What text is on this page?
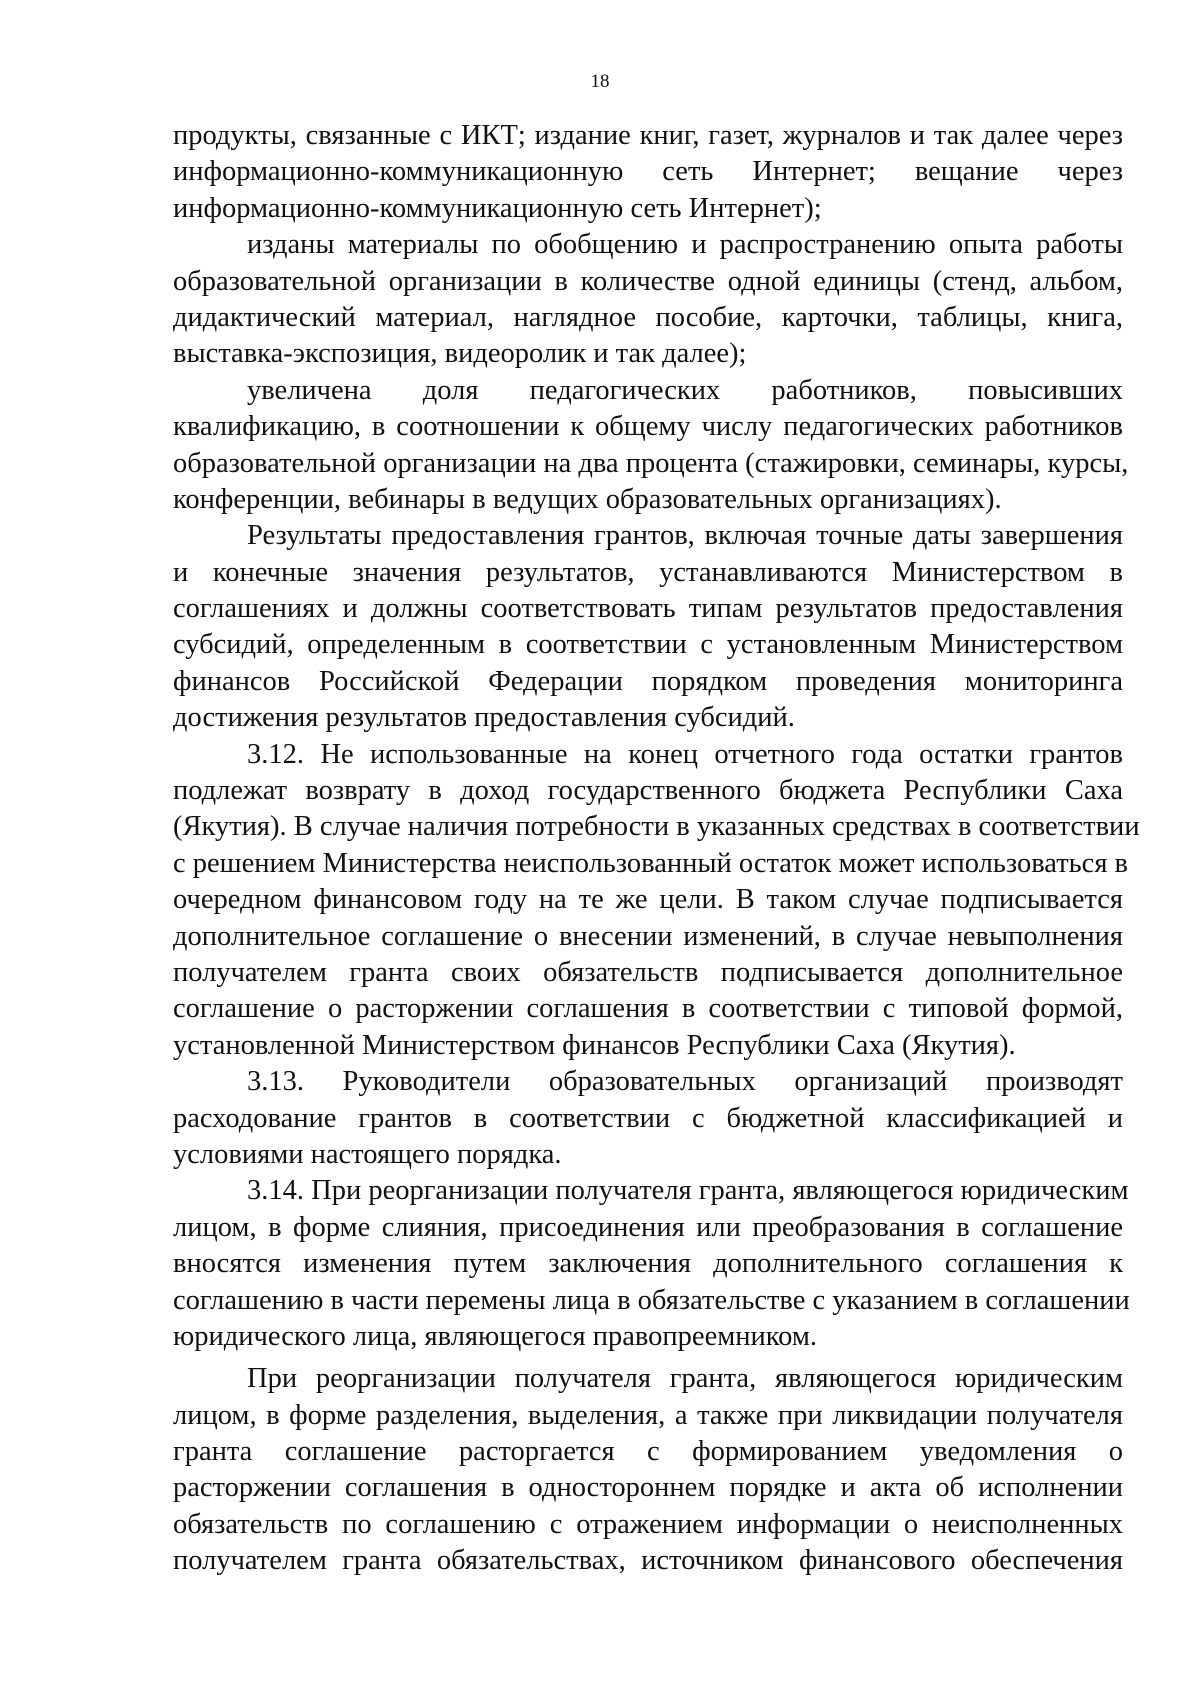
18
продукты, связанные с ИКТ; издание книг, газет, журналов и так далее через
информационно-коммуникационную сеть Интернет; вещание через
информационно-коммуникационную сеть Интернет);
изданы материалы по обобщению и распространению опыта работы
образовательной организации в количестве одной единицы (стенд, альбом,
дидактический материал, наглядное пособие, карточки, таблицы, книга,
выставка-экспозиция, видеоролик и так далее);
увеличена доля педагогических работников, повысивших
квалификацию, в соотношении к общему числу педагогических работников
образовательной организации на два процента (стажировки, семинары, курсы,
конференции, вебинары в ведущих образовательных организациях).
Результаты предоставления грантов, включая точные даты завершения
и конечные значения результатов, устанавливаются Министерством в
соглашениях и должны соответствовать типам результатов предоставления
субсидий, определенным в соответствии с установленным Министерством
финансов Российской Федерации порядком проведения мониторинга
достижения результатов предоставления субсидий.
3.12. Не использованные на конец отчетного года остатки грантов
подлежат возврату в доход государственного бюджета Республики Саха
(Якутия). В случае наличия потребности в указанных средствах в соответствии
с решением Министерства неиспользованный остаток может использоваться в
очередном финансовом году на те же цели. В таком случае подписывается
дополнительное соглашение о внесении изменений, в случае невыполнения
получателем гранта своих обязательств подписывается дополнительное
соглашение о расторжении соглашения в соответствии с типовой формой,
установленной Министерством финансов Республики Саха (Якутия).
3.13. Руководители образовательных организаций производят
расходование грантов в соответствии с бюджетной классификацией и
условиями настоящего порядка.
3.14. При реорганизации получателя гранта, являющегося юридическим
лицом, в форме слияния, присоединения или преобразования в соглашение
вносятся изменения путем заключения дополнительного соглашения к
соглашению в части перемены лица в обязательстве с указанием в соглашении
юридического лица, являющегося правопреемником.
При реорганизации получателя гранта, являющегося юридическим
лицом, в форме разделения, выделения, а также при ликвидации получателя
гранта соглашение расторгается с формированием уведомления о
расторжении соглашения в одностороннем порядке и акта об исполнении
обязательств по соглашению с отражением информации о неисполненных
получателем гранта обязательствах, источником финансового обеспечения
